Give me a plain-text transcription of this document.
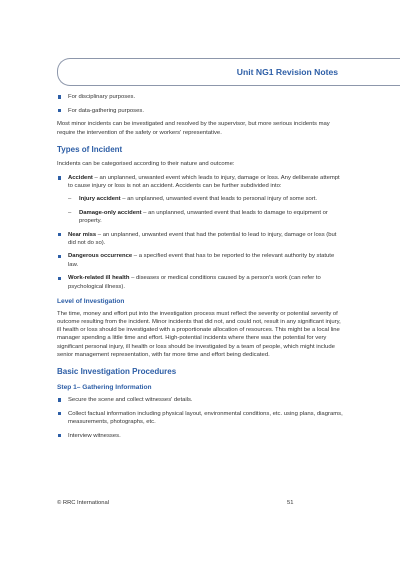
Unit NG1 Revision Notes
For disciplinary purposes.
For data-gathering purposes.

Most minor incidents can be investigated and resolved by the supervisor, but more serious incidents may require the intervention of the safety or workers' representative.

Types of Incident

Incidents can be categorised according to their nature and outcome:

Accident – an unplanned, unwanted event which leads to injury, damage or loss. Any deliberate attempt to cause injury or loss is not an accident. Accidents can be further subdivided into:
– Injury accident – an unplanned, unwanted event that leads to personal injury of some sort.
– Damage-only accident – an unplanned, unwanted event that leads to damage to equipment or property.
Near miss – an unplanned, unwanted event that had the potential to lead to injury, damage or loss (but did not do so).
Dangerous occurrence – a specified event that has to be reported to the relevant authority by statute law.
Work-related ill health – diseases or medical conditions caused by a person's work (can refer to psychological illness).
Level of Investigation

The time, money and effort put into the investigation process must reflect the severity or potential severity of outcome resulting from the incident. Minor incidents that did not, and could not, result in any significant injury, ill health or loss should be investigated with a proportionate allocation of resources. This might be a local line manager spending a little time and effort. High-potential incidents where there was the potential for very significant personal injury, ill health or loss should be investigated by a team of people, which might include senior management representation, with far more time and effort being dedicated.

Basic Investigation Procedures
Step 1– Gathering Information
Secure the scene and collect witnesses' details.
Collect factual information including physical layout, environmental conditions, etc. using plans, diagrams, measurements, photographs, etc.
Interview witnesses.
© RRC International	51
